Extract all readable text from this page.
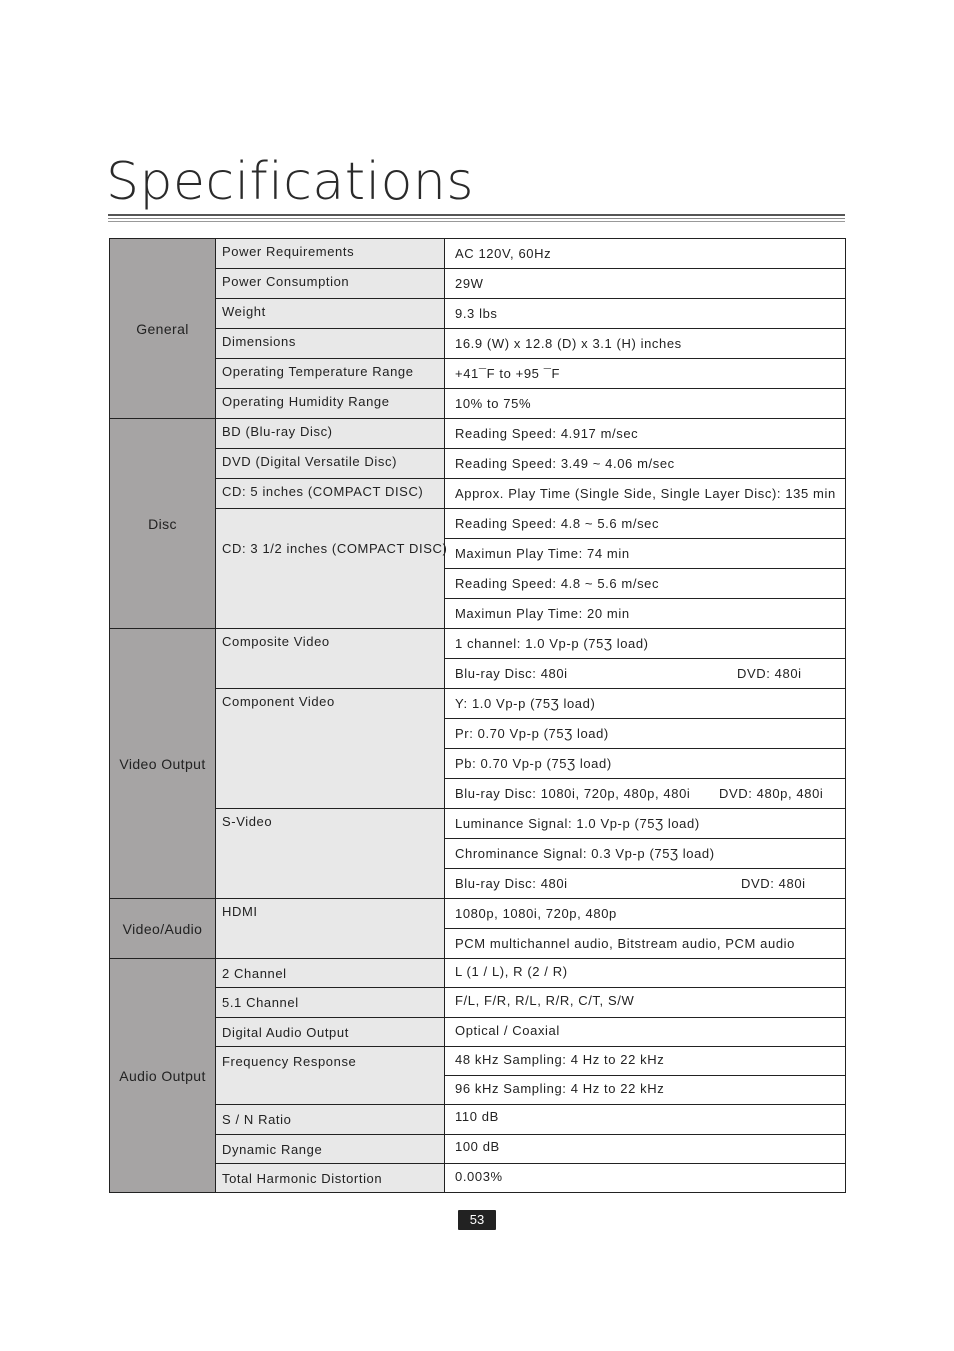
Specifications
General	Power Requirements	AC 120V, 60Hz
	Power Consumption	29W
	Weight	9.3 lbs
	Dimensions	16.9 (W) x 12.8 (D) x 3.1 (H) inches
	Operating Temperature Range	+41¯F to +95 ¯F
	Operating Humidity Range	10% to 75%
Disc	BD (Blu-ray Disc)	Reading Speed: 4.917 m/sec
	DVD (Digital Versatile Disc)	Reading Speed: 3.49 ~ 4.06 m/sec
	CD: 5 inches (COMPACT DISC)	Approx. Play Time (Single Side, Single Layer Disc): 135 min
	CD: 3 1/2 inches (COMPACT DISC)	Reading Speed: 4.8 ~ 5.6 m/sec
		Maximun Play Time: 74 min
		Reading Speed: 4.8 ~ 5.6 m/sec
		Maximun Play Time: 20 min
Video Output	Composite Video	1 channel: 1.0 Vp-p (75Ʒ load)

		Blu-ray Disc: 480i DVD: 480i

	Component Video	Y: 1.0 Vp-p (75Ʒ load)
		Pr: 0.70 Vp-p (75Ʒ load)
		Pb: 0.70 Vp-p (75Ʒ load)

		Blu-ray Disc: 1080i, 720p, 480p, 480i DVD: 480p, 480i

	S-Video	Luminance Signal: 1.0 Vp-p (75Ʒ load)
		Chrominance Signal: 0.3 Vp-p (75Ʒ load)

		Blu-ray Disc: 480i DVD: 480i

Video/Audio	HDMI	1080p, 1080i, 720p, 480p
		PCM multichannel audio, Bitstream audio, PCM audio
Audio Output	2 Channel	L (1 / L), R (2 / R)
	5.1 Channel	F/L, F/R, R/L, R/R, C/T, S/W
	Digital Audio Output	Optical / Coaxial
	Frequency Response	48 kHz Sampling: 4 Hz to 22 kHz
		96 kHz Sampling: 4 Hz to 22 kHz
	S / N Ratio	110 dB
	Dynamic Range	100 dB
	Total Harmonic Distortion	0.003%
53
